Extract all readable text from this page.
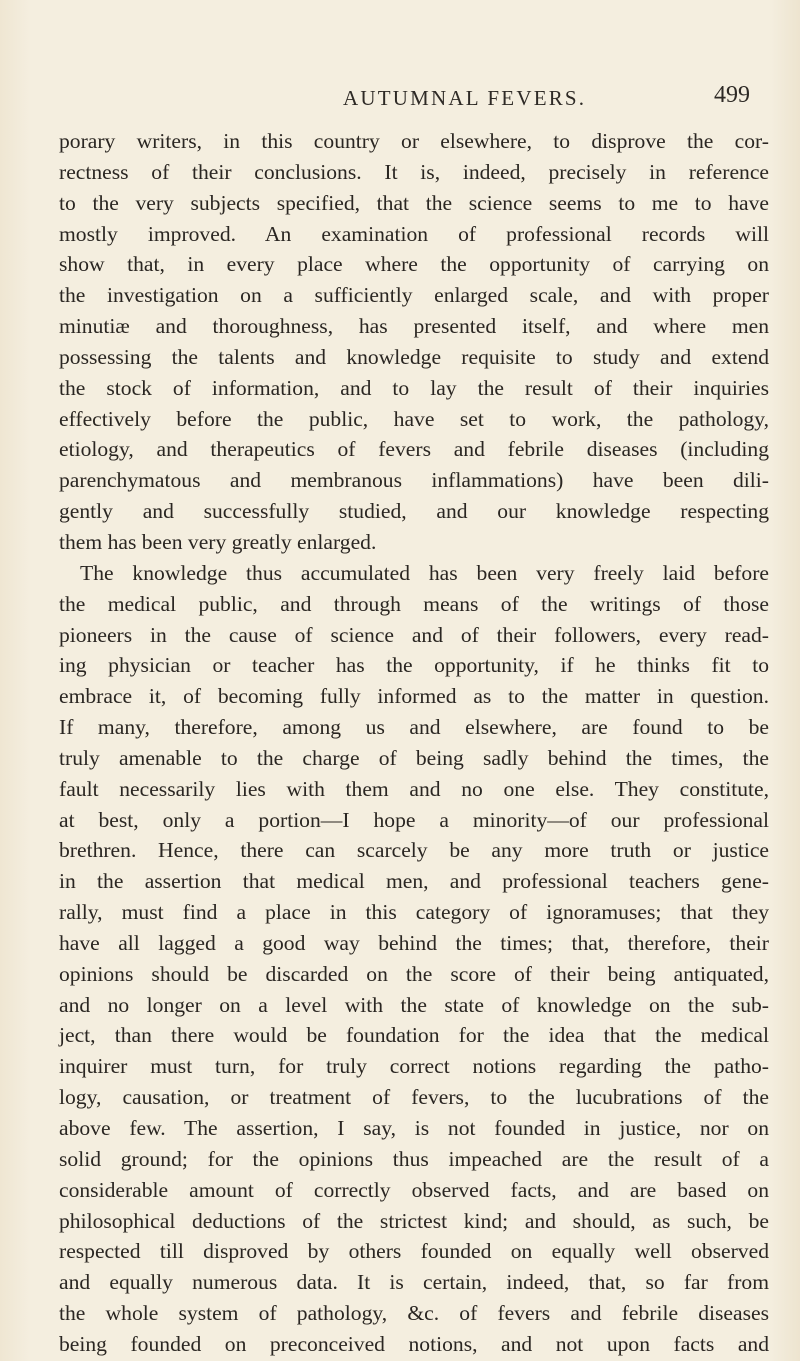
AUTUMNAL FEVERS.	499
porary writers, in this country or elsewhere, to disprove the cor-
rectness of their conclusions. It is, indeed, precisely in reference
to the very subjects specified, that the science seems to me to have
mostly improved. An examination of professional records will
show that, in every place where the opportunity of carrying on
the investigation on a sufficiently enlarged scale, and with proper
minutiæ and thoroughness, has presented itself, and where men
possessing the talents and knowledge requisite to study and extend
the stock of information, and to lay the result of their inquiries
effectively before the public, have set to work, the pathology,
etiology, and therapeutics of fevers and febrile diseases (including
parenchymatous and membranous inflammations) have been dili-
gently and successfully studied, and our knowledge respecting
them has been very greatly enlarged.
The knowledge thus accumulated has been very freely laid before
the medical public, and through means of the writings of those
pioneers in the cause of science and of their followers, every read-
ing physician or teacher has the opportunity, if he thinks fit to
embrace it, of becoming fully informed as to the matter in question.
If many, therefore, among us and elsewhere, are found to be
truly amenable to the charge of being sadly behind the times, the
fault necessarily lies with them and no one else. They constitute,
at best, only a portion—I hope a minority—of our professional
brethren. Hence, there can scarcely be any more truth or justice
in the assertion that medical men, and professional teachers gene-
rally, must find a place in this category of ignoramuses; that they
have all lagged a good way behind the times; that, therefore, their
opinions should be discarded on the score of their being antiquated,
and no longer on a level with the state of knowledge on the sub-
ject, than there would be foundation for the idea that the medical
inquirer must turn, for truly correct notions regarding the patho-
logy, causation, or treatment of fevers, to the lucubrations of the
above few. The assertion, I say, is not founded in justice, nor on
solid ground; for the opinions thus impeached are the result of a
considerable amount of correctly observed facts, and are based on
philosophical deductions of the strictest kind; and should, as such, be
respected till disproved by others founded on equally well observed
and equally numerous data. It is certain, indeed, that, so far from
the whole system of pathology, &c. of fevers and febrile diseases
being founded on preconceived notions, and not upon facts and
